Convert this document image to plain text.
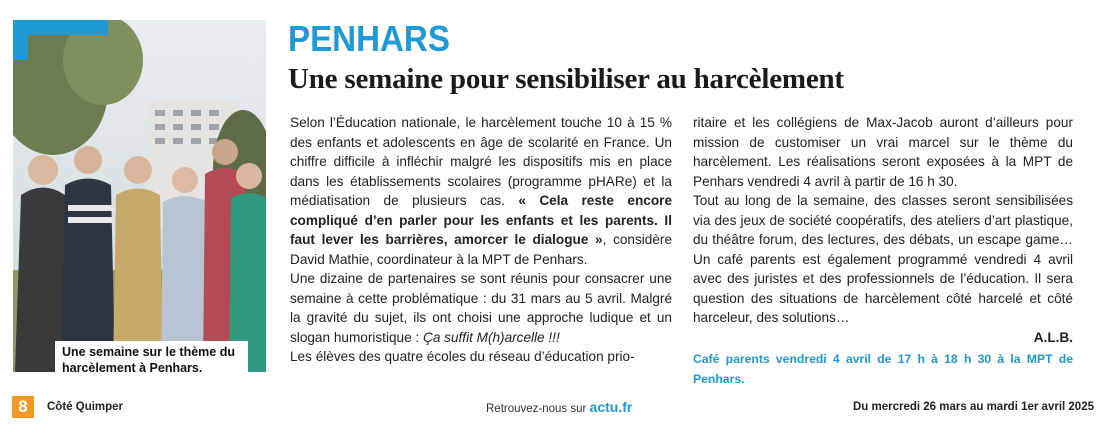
Une semaine sur le thème du harcèlement à Penhars.
PENHARS
Une semaine pour sensibiliser au harcèlement

Selon l’Éducation nationale, le harcèlement touche 10 à 15 % des enfants et adolescents en âge de scolarité en France. Un chiffre difficile à infléchir malgré les dispositifs mis en place dans les établissements scolaires (programme pHARe) et la médiatisation de plusieurs cas. « Cela reste encore compliqué d’en parler pour les enfants et les parents. Il faut lever les barrières, amorcer le dialogue », considère David Mathie, coordinateur à la MPT de Penhars.

Une dizaine de partenaires se sont réunis pour consacrer une semaine à cette problématique : du 31 mars au 5 avril. Malgré la gravité du sujet, ils ont choisi une approche ludique et un slogan humoristique : Ça suffit M(h)arcelle !!!

Les élèves des quatre écoles du réseau d’éducation prio-

ritaire et les collégiens de Max-Jacob auront d’ailleurs pour mission de customiser un vrai marcel sur le thème du harcèlement. Les réalisations seront exposées à la MPT de Penhars vendredi 4 avril à partir de 16 h 30.

Tout au long de la semaine, des classes seront sensibilisées via des jeux de société coopératifs, des ateliers d’art plastique, du théâtre forum, des lectures, des débats, un escape game… Un café parents est également programmé vendredi 4 avril avec des juristes et des professionnels de l’éducation. Il sera question des situations de harcèlement côté harcelé et côté harceleur, des solutions…

A.L.B.

Café parents vendredi 4 avril de 17 h à 18 h 30 à la MPT de Penhars.

8	Côté Quimper	Retrouvez-nous sur actu.fr	Du mercredi 26 mars au mardi 1er avril 2025
